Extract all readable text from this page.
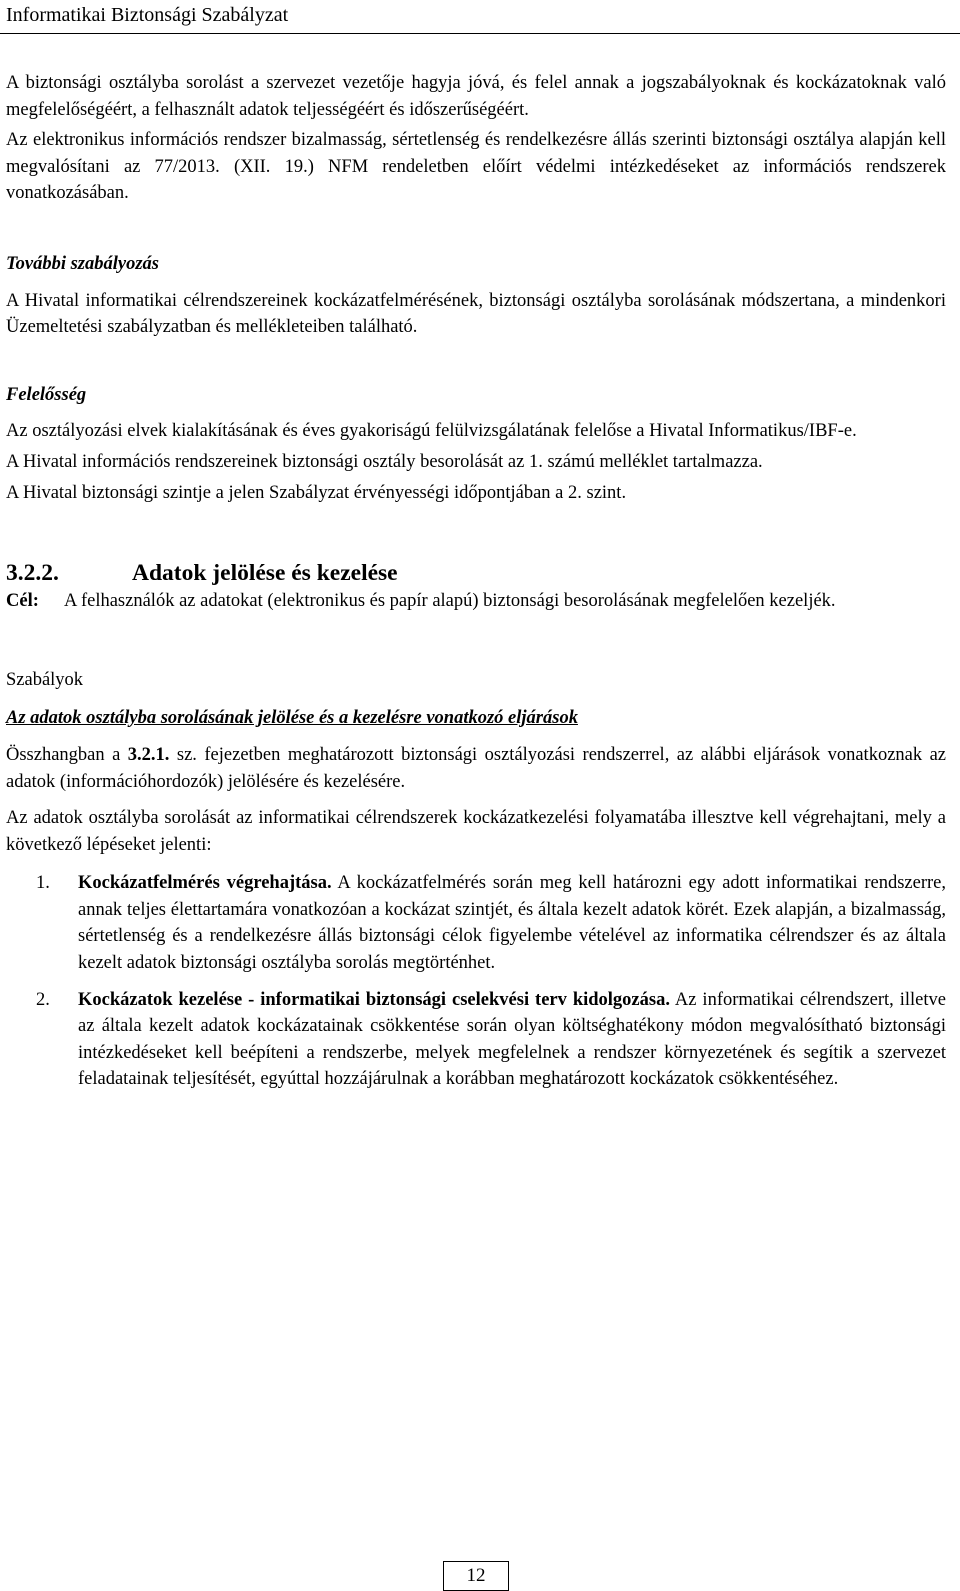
Informatikai Biztonsági Szabályzat

A biztonsági osztályba sorolást a szervezet vezetője hagyja jóvá, és felel annak a jogszabályoknak és kockázatoknak való megfelelőségéért, a felhasznált adatok teljességéért és időszerűségéért.

Az elektronikus információs rendszer bizalmasság, sértetlenség és rendelkezésre állás szerinti biztonsági osztálya alapján kell megvalósítani az 77/2013. (XII. 19.) NFM rendeletben előírt védelmi intézkedéseket az információs rendszerek vonatkozásában.

További szabályozás

A Hivatal informatikai célrendszereinek kockázatfelmérésének, biztonsági osztályba sorolásának módszertana, a mindenkori Üzemeltetési szabályzatban és mellékleteiben található.

Felelősség

Az osztályozási elvek kialakításának és éves gyakoriságú felülvizsgálatának felelőse a Hivatal Informatikus/IBF-e.

A Hivatal információs rendszereinek biztonsági osztály besorolását az 1. számú melléklet tartalmazza.

A Hivatal biztonsági szintje a jelen Szabályzat érvényességi időpontjában a 2. szint.

3.2.2.	Adatok jelölése és kezelése
Cél:	A felhasználók az adatokat (elektronikus és papír alapú) biztonsági besorolásának megfelelően kezeljék.
Szabályok
Az adatok osztályba sorolásának jelölése és a kezelésre vonatkozó eljárások

Összhangban a 3.2.1. sz. fejezetben meghatározott biztonsági osztályozási rendszerrel, az alábbi eljárások vonatkoznak az adatok (információhordozók) jelölésére és kezelésére.

Az adatok osztályba sorolását az informatikai célrendszerek kockázatkezelési folyamatába illesztve kell végrehajtani, mely a következő lépéseket jelenti:

1.	Kockázatfelmérés végrehajtása. A kockázatfelmérés során meg kell határozni egy adott informatikai rendszerre, annak teljes élettartamára vonatkozóan a kockázat szintjét, és általa kezelt adatok körét. Ezek alapján, a bizalmasság, sértetlenség és a rendelkezésre állás biztonsági célok figyelembe vételével az informatika célrendszer és az általa kezelt adatok biztonsági osztályba sorolás megtörténhet.
2.	Kockázatok kezelése - informatikai biztonsági cselekvési terv kidolgozása. Az informatikai célrendszert, illetve az általa kezelt adatok kockázatainak csökkentése során olyan költséghatékony módon megvalósítható biztonsági intézkedéseket kell beépíteni a rendszerbe, melyek megfelelnek a rendszer környezetének és segítik a szervezet feladatainak teljesítését, egyúttal hozzájárulnak a korábban meghatározott kockázatok csökkentéséhez.
12
